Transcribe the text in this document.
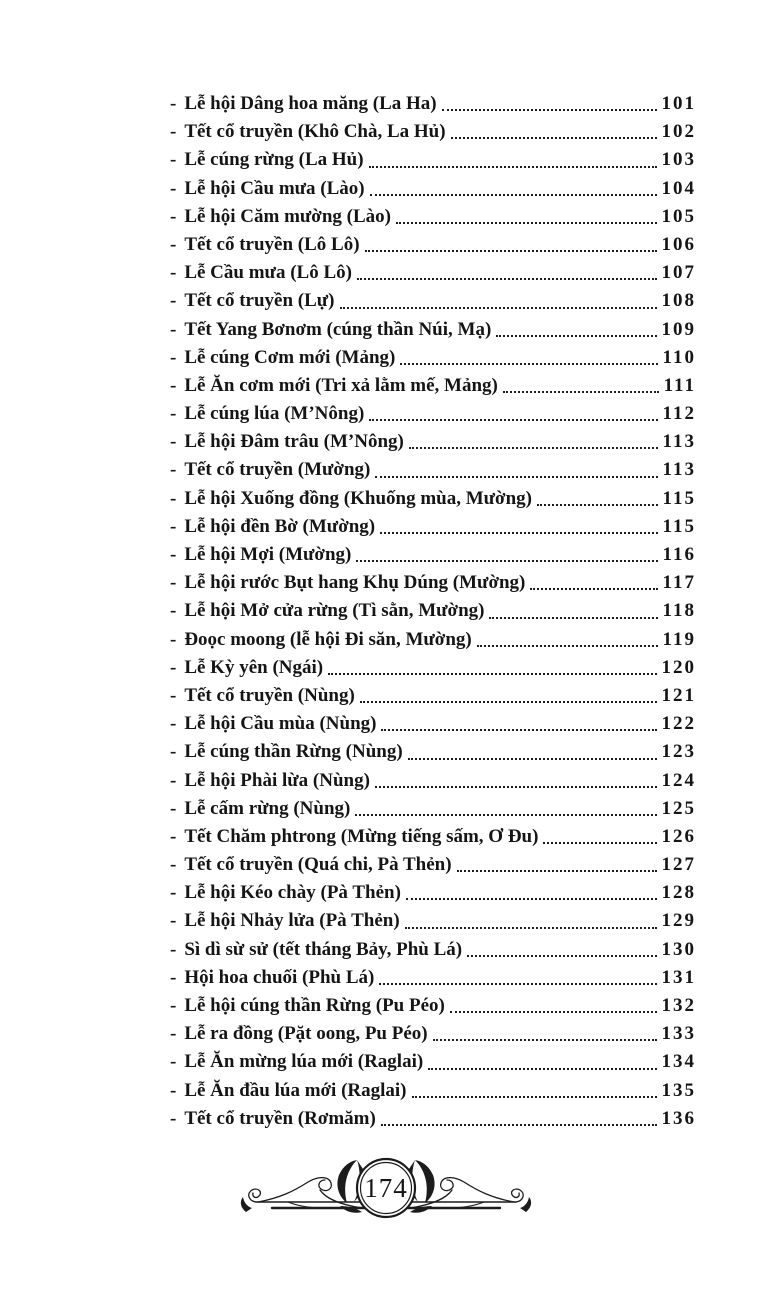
- Lễ hội Dâng hoa măng (La Ha)	101
- Tết cổ truyền (Khô Chà, La Hủ)	102
- Lễ cúng rừng (La Hủ)	103
- Lễ hội Cầu mưa (Lào)	104
- Lễ hội Căm mường (Lào)	105
- Tết cổ truyền (Lô Lô)	106
- Lễ Cầu mưa (Lô Lô)	107
- Tết cổ truyền (Lự)	108
- Tết Yang Bơnơm (cúng thần Núi, Mạ)	109
- Lễ cúng Cơm mới (Mảng)	110
- Lễ Ăn cơm mới (Tri xả lằm mế, Mảng)	111
- Lễ cúng lúa (M’Nông)	112
- Lễ hội Đâm trâu (M’Nông)	113
- Tết cổ truyền (Mường)	113
- Lễ hội Xuống đồng (Khuống mùa, Mường)	115
- Lễ hội đền Bờ (Mường)	115
- Lễ hội Mợi (Mường)	116
- Lễ hội rước Bụt hang Khụ Dúng (Mường)	117
- Lễ hội Mở cửa rừng (Tì sằn, Mường)	118
- Đoọc moong (lễ hội Đi săn, Mường)	119
- Lễ Kỳ yên (Ngái)	120
- Tết cổ truyền (Nùng)	121
- Lễ hội Cầu mùa (Nùng)	122
- Lễ cúng thần Rừng (Nùng)	123
- Lễ hội Phài lừa (Nùng)	124
- Lễ cấm rừng (Nùng)	125
- Tết Chăm phtrong (Mừng tiếng sấm, Ơ Đu)	126
- Tết cổ truyền (Quá chi, Pà Thẻn)	127
- Lễ hội Kéo chày (Pà Thẻn)	128
- Lễ hội Nhảy lửa (Pà Thẻn)	129
- Sì dì sừ sử (tết tháng Bảy, Phù Lá)	130
- Hội hoa chuối (Phù Lá)	131
- Lễ hội cúng thần Rừng (Pu Péo)	132
- Lễ ra đồng (Pặt oong, Pu Péo)	133
- Lễ Ăn mừng lúa mới (Raglai)	134
- Lễ Ăn đầu lúa mới (Raglai)	135
- Tết cổ truyền (Rơmăm)	136
174
